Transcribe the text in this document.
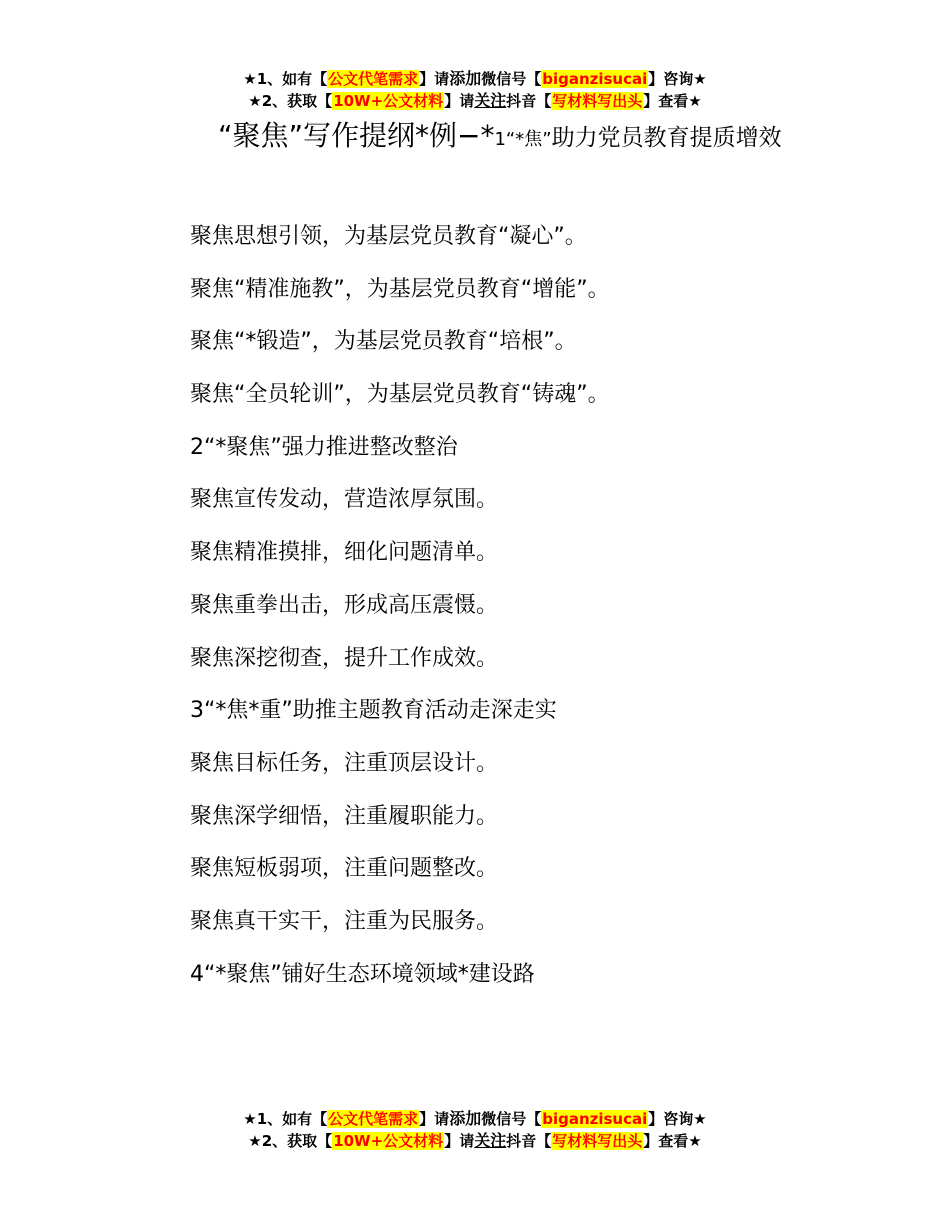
★1、如有【公文代笔需求】请添加微信号【biganzisucai】咨询★
★2、获取【10W+公文材料】请关注抖音【写材料写出头】查看★
“聚焦”写作提纲*例−*1“*焦”助力党员教育提质增效
聚焦思想引领，为基层党员教育“凝心”。
聚焦“精准施教”，为基层党员教育“增能”。
聚焦“*锻造”，为基层党员教育“培根”。
聚焦“全员轮训”，为基层党员教育“铸魂”。
2“*聚焦”强力推进整改整治
聚焦宣传发动，营造浓厚氛围。
聚焦精准摸排，细化问题清单。
聚焦重拳出击，形成高压震慑。
聚焦深挖彻查，提升工作成效。
3“*焦*重”助推主题教育活动走深走实
聚焦目标任务，注重顶层设计。
聚焦深学细悟，注重履职能力。
聚焦短板弱项，注重问题整改。
聚焦真干实干，注重为民服务。
4“*聚焦”铺好生态环境领域*建设路
★1、如有【公文代笔需求】请添加微信号【biganzisucai】咨询★
★2、获取【10W+公文材料】请关注抖音【写材料写出头】查看★
